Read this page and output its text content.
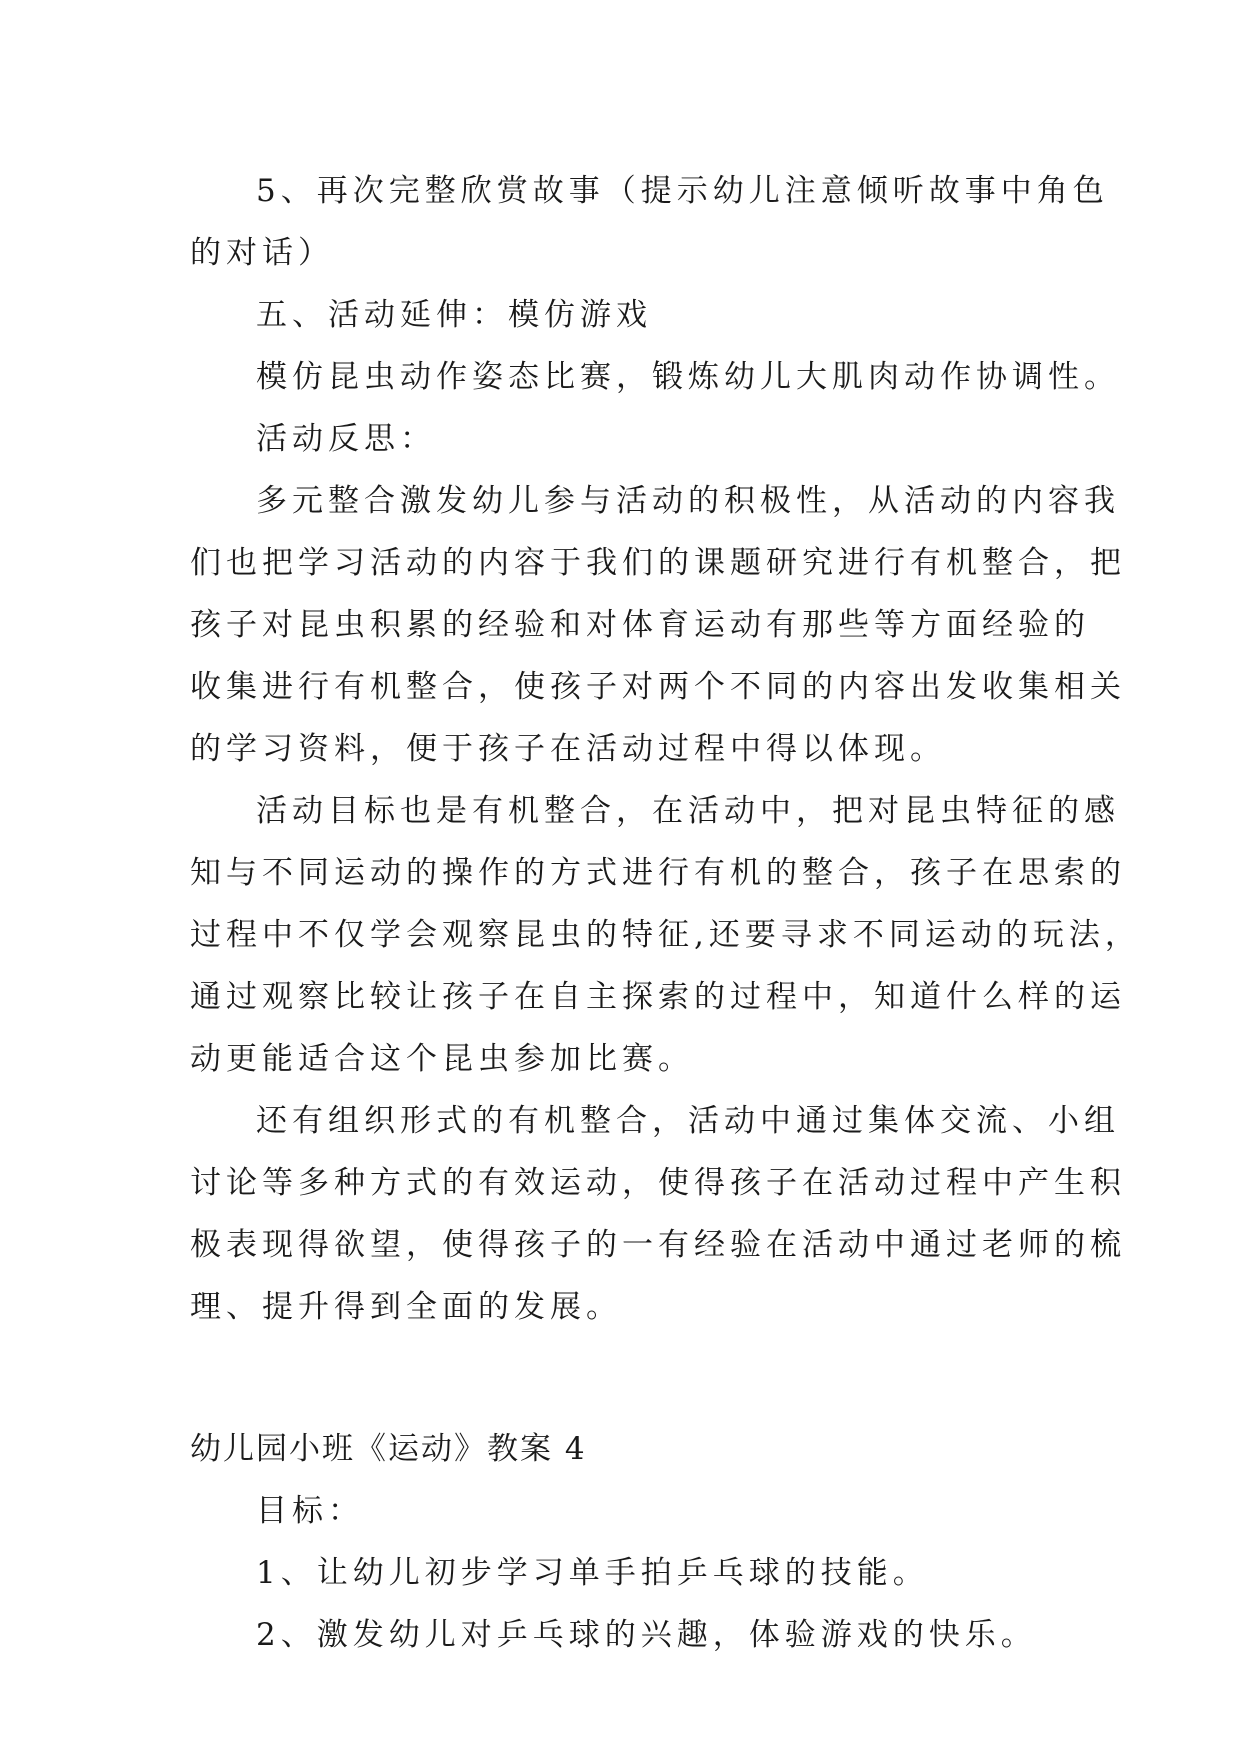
5、再次完整欣赏故事（提示幼儿注意倾听故事中角色
的对话）
五、活动延伸：模仿游戏
模仿昆虫动作姿态比赛，锻炼幼儿大肌肉动作协调性。
活动反思：
多元整合激发幼儿参与活动的积极性，从活动的内容我
们也把学习活动的内容于我们的课题研究进行有机整合，把
孩子对昆虫积累的经验和对体育运动有那些等方面经验的
收集进行有机整合，使孩子对两个不同的内容出发收集相关
的学习资料，便于孩子在活动过程中得以体现。
活动目标也是有机整合，在活动中，把对昆虫特征的感
知与不同运动的操作的方式进行有机的整合，孩子在思索的
过程中不仅学会观察昆虫的特征,还要寻求不同运动的玩法，
通过观察比较让孩子在自主探索的过程中，知道什么样的运
动更能适合这个昆虫参加比赛。
还有组织形式的有机整合，活动中通过集体交流、小组
讨论等多种方式的有效运动，使得孩子在活动过程中产生积
极表现得欲望，使得孩子的一有经验在活动中通过老师的梳
理、提升得到全面的发展。
幼儿园小班《运动》教案 4
目标：
1、让幼儿初步学习单手拍乒乓球的技能。
2、激发幼儿对乒乓球的兴趣，体验游戏的快乐。
